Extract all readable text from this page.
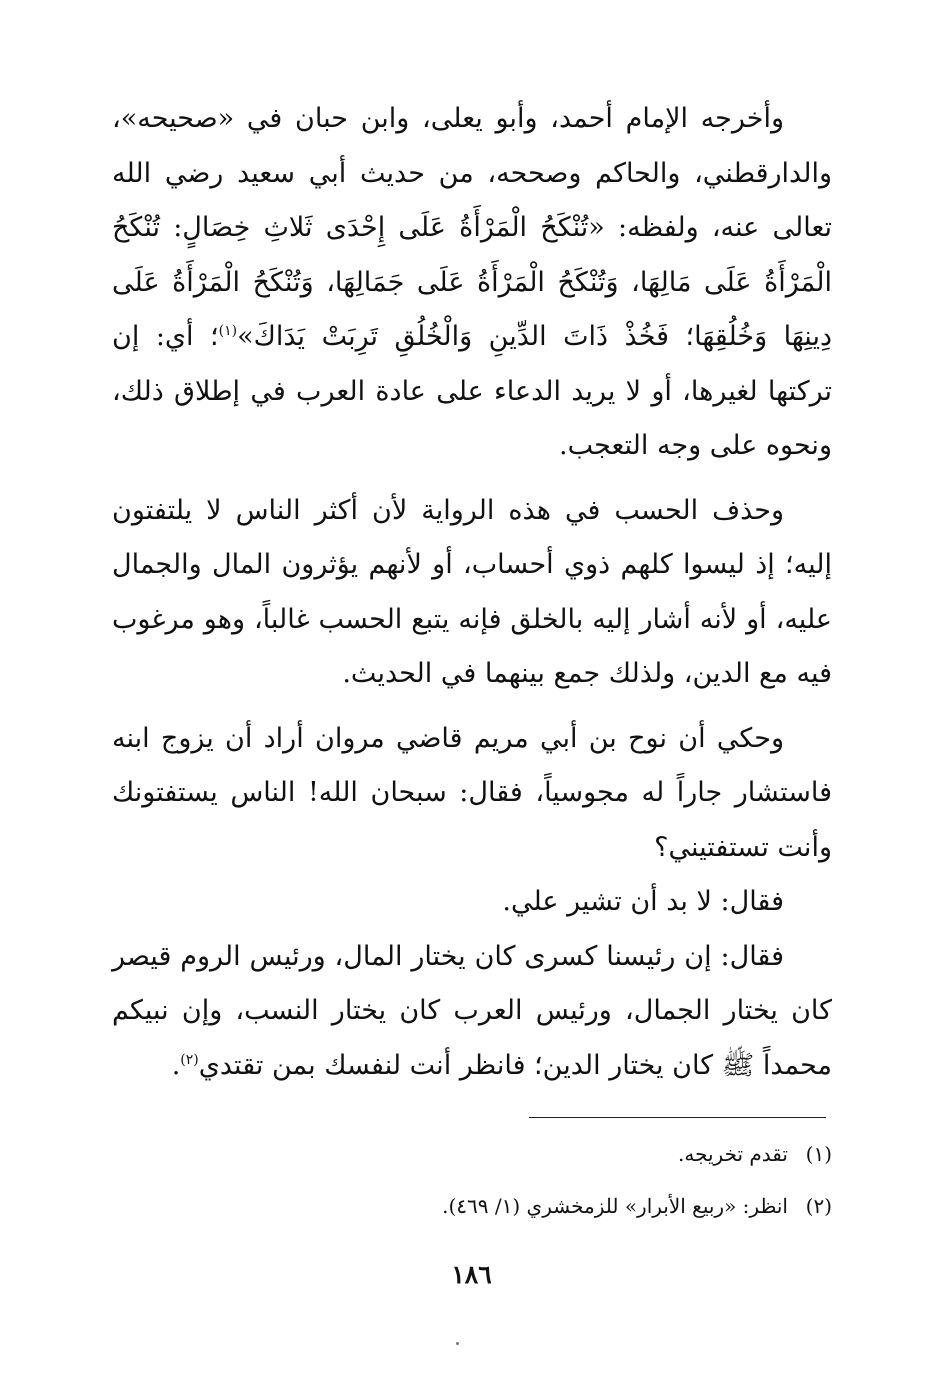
وأخرجه الإمام أحمد، وأبو يعلى، وابن حبان في «صحيحه»، والدارقطني، والحاكم وصححه، من حديث أبي سعيد رضي الله تعالى عنه، ولفظه: «تُنْكَحُ الْمَرْأَةُ عَلَى إِحْدَى ثَلاثِ خِصَالٍ: تُنْكَحُ الْمَرْأَةُ عَلَى مَالِهَا، وَتُنْكَحُ الْمَرْأَةُ عَلَى جَمَالِهَا، وَتُنْكَحُ الْمَرْأَةُ عَلَى دِينِهَا وَخُلُقِهَا؛ فَخُذْ ذَاتَ الدِّينِ وَالْخُلُقِ تَرِبَتْ يَدَاكَ»$^{(١)}$؛ أي: إن تركتها لغيرها، أو لا يريد الدعاء على عادة العرب في إطلاق ذلك، ونحوه على وجه التعجب.

وحذف الحسب في هذه الرواية لأن أكثر الناس لا يلتفتون إليه؛ إذ ليسوا كلهم ذوي أحساب، أو لأنهم يؤثرون المال والجمال عليه، أو لأنه أشار إليه بالخلق فإنه يتبع الحسب غالباً، وهو مرغوب فيه مع الدين، ولذلك جمع بينهما في الحديث.

وحكي أن نوح بن أبي مريم قاضي مروان أراد أن يزوج ابنه فاستشار جاراً له مجوسياً، فقال: سبحان الله! الناس يستفتونك وأنت تستفتيني؟

فقال: لا بد أن تشير علي.

فقال: إن رئيسنا كسرى كان يختار المال، ورئيس الروم قيصر كان يختار الجمال، ورئيس العرب كان يختار النسب، وإن نبيكم محمداً ﷺ كان يختار الدين؛ فانظر أنت لنفسك بمن تقتدي$^{(٢)}$.

(١)
تقدم تخريجه.
(٢)
انظر: «ربيع الأبرار» للزمخشري (١/ ٤٦٩).
١٨٦
